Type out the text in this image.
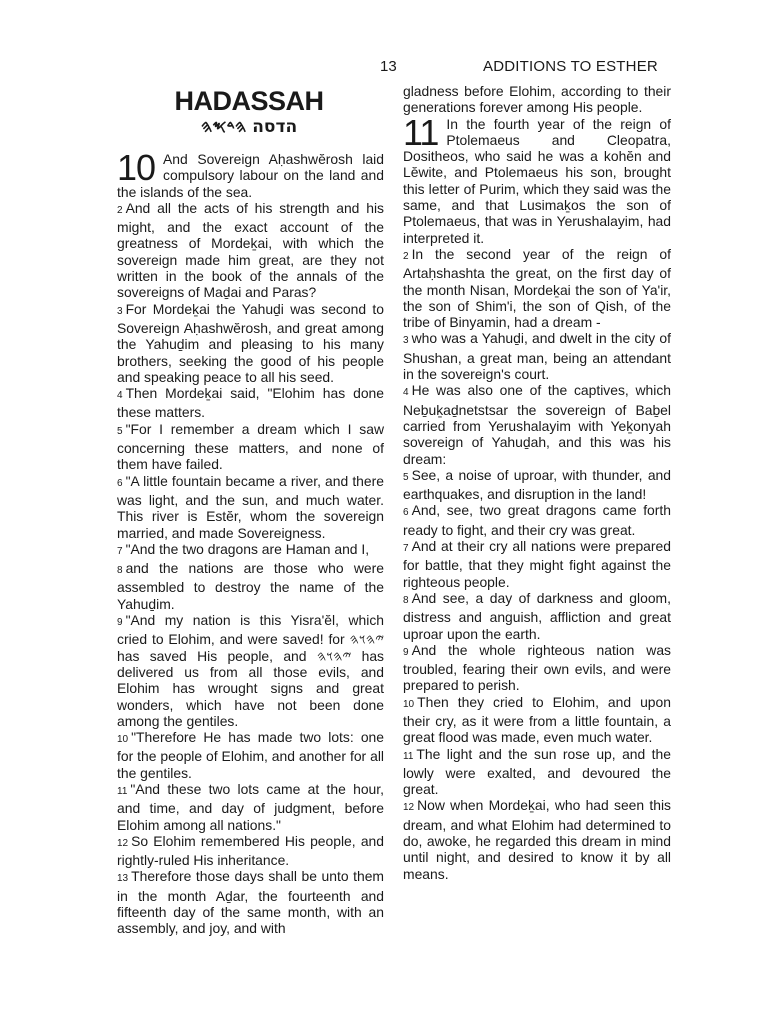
13	ADDITIONS TO ESTHER
HADASSAH
הדסה 𐤄𐤃𐤎𐤄

10 And Sovereign Aḥashwĕrosh laid compulsory labour on the land and the islands of the sea.

2 And all the acts of his strength and his might, and the exact account of the greatness of Mordeḵai, with which the sovereign made him great, are they not written in the book of the annals of the sovereigns of Maḏai and Paras?

3 For Mordeḵai the Yahuḏi was second to Sovereign Aḥashwĕrosh, and great among the Yahuḏim and pleasing to his many brothers, seeking the good of his people and speaking peace to all his seed.

4 Then Mordeḵai said, "Elohim has done these matters.

5 "For I remember a dream which I saw concerning these matters, and none of them have failed.

6 "A little fountain became a river, and there was light, and the sun, and much water. This river is Estĕr, whom the sovereign married, and made Sovereigness.

7 "And the two dragons are Haman and I,

8 and the nations are those who were assembled to destroy the name of the Yahuḏim.

9 "And my nation is this Yisra'ĕl, which cried to Elohim, and were saved! for 𐤉𐤄𐤅𐤄 has saved His people, and 𐤉𐤄𐤅𐤄 has delivered us from all those evils, and Elohim has wrought signs and great wonders, which have not been done among the gentiles.

10 "Therefore He has made two lots: one for the people of Elohim, and another for all the gentiles.

11 "And these two lots came at the hour, and time, and day of judgment, before Elohim among all nations."

12 So Elohim remembered His people, and rightly-ruled His inheritance.

13 Therefore those days shall be unto them in the month Aḏar, the fourteenth and fifteenth day of the same month, with an assembly, and joy, and with

gladness before Elohim, according to their generations forever among His people.

11 In the fourth year of the reign of Ptolemaeus and Cleopatra, Dositheos, who said he was a kohĕn and Lĕwite, and Ptolemaeus his son, brought this letter of Purim, which they said was the same, and that Lusimaḵos the son of Ptolemaeus, that was in Yerushalayim, had interpreted it.

2 In the second year of the reign of Artaḥshashta the great, on the first day of the month Nisan, Mordeḵai the son of Ya'ir, the son of Shim'i, the son of Qish, of the tribe of Binyamin, had a dream -

3 who was a Yahuḏi, and dwelt in the city of Shushan, a great man, being an attendant in the sovereign's court.

4 He was also one of the captives, which Neḇuḵaḏnetstsar the sovereign of Baḇel carried from Yerushalayim with Yeḵonyah sovereign of Yahuḏah, and this was his dream:

5 See, a noise of uproar, with thunder, and earthquakes, and disruption in the land!

6 And, see, two great dragons came forth ready to fight, and their cry was great.

7 And at their cry all nations were prepared for battle, that they might fight against the righteous people.

8 And see, a day of darkness and gloom, distress and anguish, affliction and great uproar upon the earth.

9 And the whole righteous nation was troubled, fearing their own evils, and were prepared to perish.

10 Then they cried to Elohim, and upon their cry, as it were from a little fountain, a great flood was made, even much water.

11 The light and the sun rose up, and the lowly were exalted, and devoured the great.

12 Now when Mordeḵai, who had seen this dream, and what Elohim had determined to do, awoke, he regarded this dream in mind until night, and desired to know it by all means.
